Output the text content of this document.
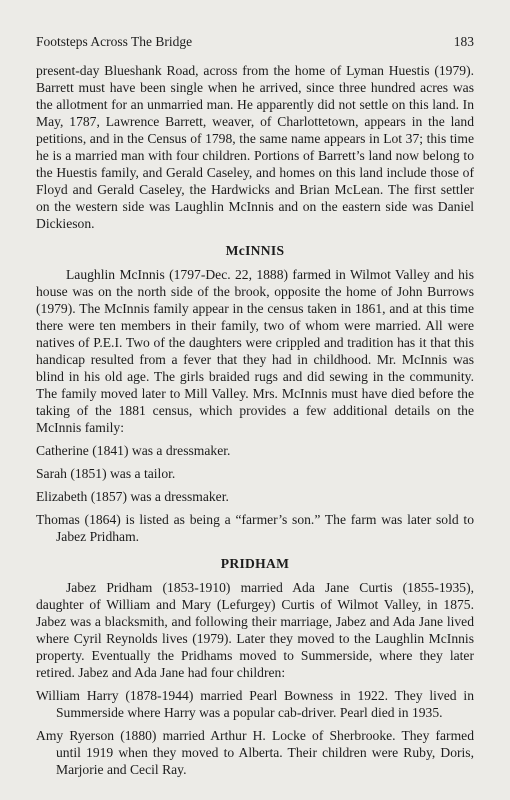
Footsteps Across The Bridge	183

present-day Blueshank Road, across from the home of Lyman Huestis (1979). Barrett must have been single when he arrived, since three hundred acres was the allotment for an unmarried man. He apparently did not settle on this land. In May, 1787, Lawrence Barrett, weaver, of Charlottetown, appears in the land petitions, and in the Census of 1798, the same name appears in Lot 37; this time he is a married man with four children. Portions of Barrett’s land now belong to the Huestis family, and Gerald Caseley, and homes on this land include those of Floyd and Gerald Caseley, the Hardwicks and Brian McLean. The first settler on the western side was Laughlin McInnis and on the eastern side was Daniel Dickieson.

McINNIS

Laughlin McInnis (1797-Dec. 22, 1888) farmed in Wilmot Valley and his house was on the north side of the brook, opposite the home of John Burrows (1979). The McInnis family appear in the census taken in 1861, and at this time there were ten members in their family, two of whom were married. All were natives of P.E.I. Two of the daughters were crippled and tradition has it that this handicap resulted from a fever that they had in childhood. Mr. McInnis was blind in his old age. The girls braided rugs and did sewing in the community. The family moved later to Mill Valley. Mrs. McInnis must have died before the taking of the 1881 census, which provides a few additional details on the McInnis family:

Catherine (1841) was a dressmaker.

Sarah (1851) was a tailor.

Elizabeth (1857) was a dressmaker.

Thomas (1864) is listed as being a “farmer’s son.” The farm was later sold to Jabez Pridham.

PRIDHAM

Jabez Pridham (1853-1910) married Ada Jane Curtis (1855-1935), daughter of William and Mary (Lefurgey) Curtis of Wilmot Valley, in 1875. Jabez was a blacksmith, and following their marriage, Jabez and Ada Jane lived where Cyril Reynolds lives (1979). Later they moved to the Laughlin McInnis property. Eventually the Pridhams moved to Summerside, where they later retired. Jabez and Ada Jane had four children:

William Harry (1878-1944) married Pearl Bowness in 1922. They lived in Summerside where Harry was a popular cab-driver. Pearl died in 1935.

Amy Ryerson (1880) married Arthur H. Locke of Sherbrooke. They farmed until 1919 when they moved to Alberta. Their children were Ruby, Doris, Marjorie and Cecil Ray.
